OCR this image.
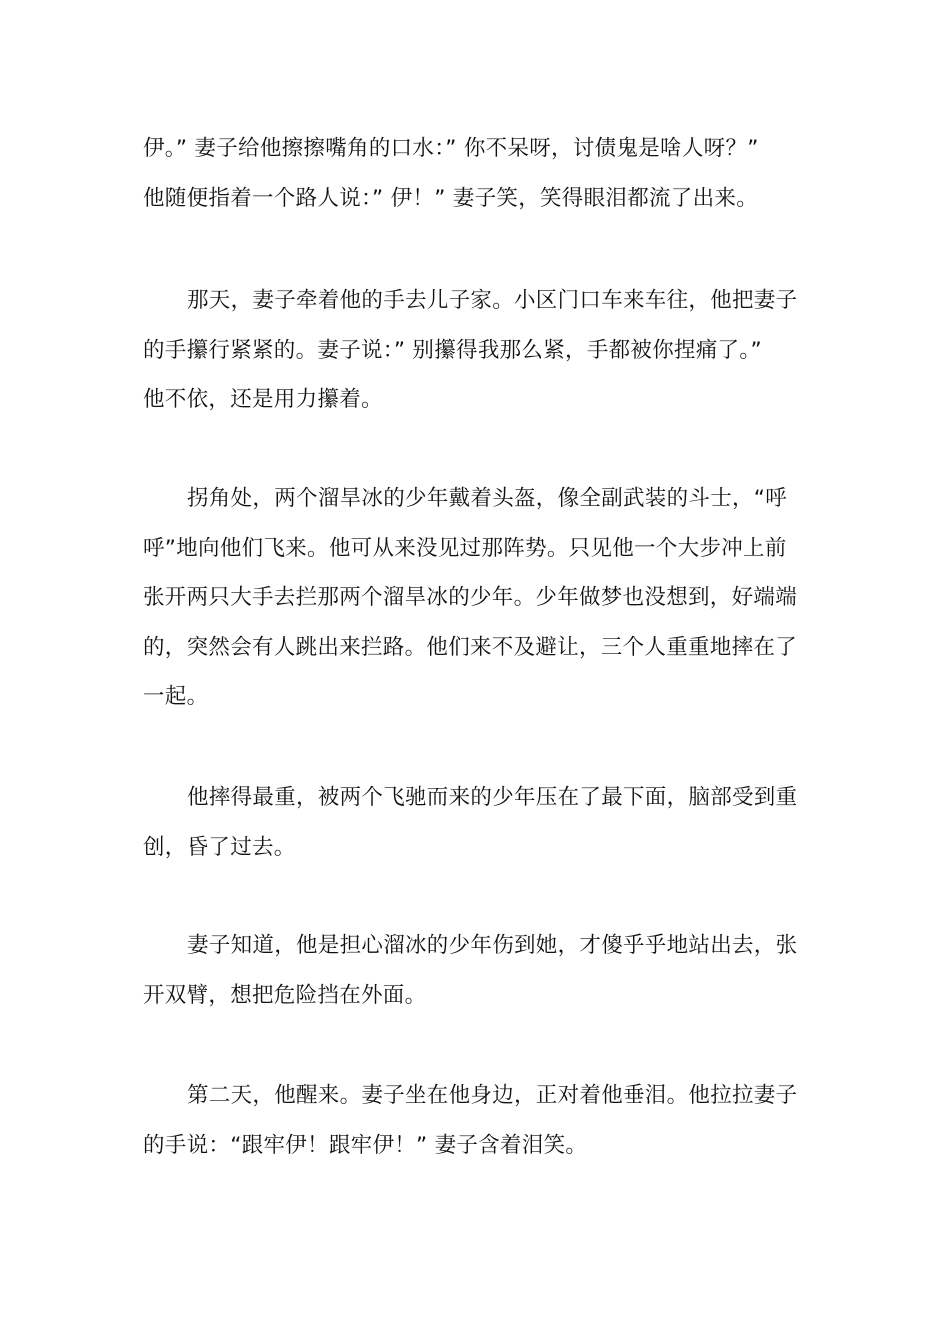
伊。” 妻子给他擦擦嘴角的口水：” 你不呆呀，讨债鬼是啥人呀？”
他随便指着一个路人说：” 伊！” 妻子笑，笑得眼泪都流了出来。

那天，妻子牵着他的手去儿子家。小区门口车来车往，他把妻子
的手攥行紧紧的。妻子说：” 别攥得我那么紧，手都被你捏痛了。”
他不依，还是用力攥着。

拐角处，两个溜旱冰的少年戴着头盔，像全副武装的斗士，“呼
呼”地向他们飞来。他可从来没见过那阵势。只见他一个大步冲上前
张开两只大手去拦那两个溜旱冰的少年。少年做梦也没想到，好端端
的，突然会有人跳出来拦路。他们来不及避让，三个人重重地摔在了
一起。

他摔得最重，被两个飞驰而来的少年压在了最下面，脑部受到重
创，昏了过去。

妻子知道，他是担心溜冰的少年伤到她，才傻乎乎地站出去，张
开双臂，想把危险挡在外面。

第二天，他醒来。妻子坐在他身边，正对着他垂泪。他拉拉妻子
的手说：“跟牢伊！跟牢伊！” 妻子含着泪笑。
